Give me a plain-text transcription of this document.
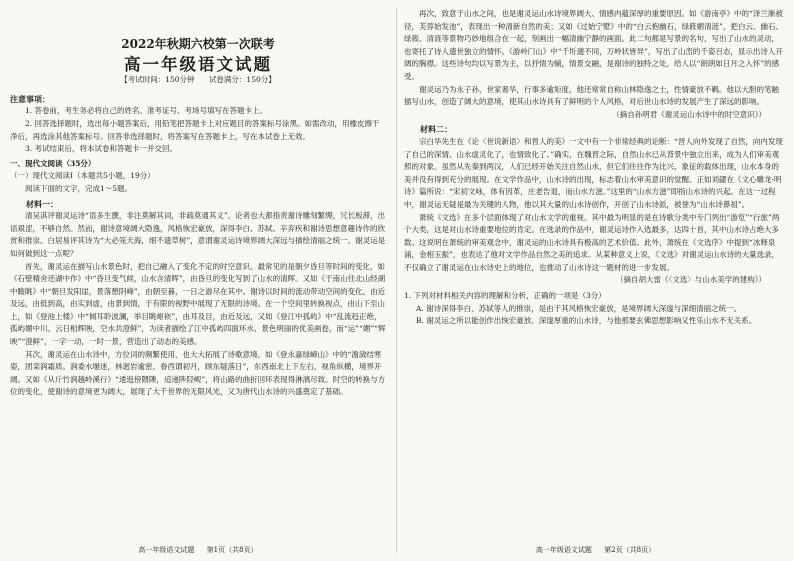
2022年秋期六校第一次联考
高一年级语文试题
【考试时间：150分钟 试卷满分：150分】
注意事项：

1. 答卷前，考生务必将自己的姓名、准考证号、考场号填写在答题卡上。

2. 回答选择题时，选出每小题答案后，用铅笔把答题卡上对应题目的答案标号涂黑。如需改动，用橡皮擦干净后，再选涂其他答案标号。回答非选择题时，将答案写在答题卡上，写在本试卷上无效。

3. 考试结束后，将本试卷和答题卡一并交回。

一、现代文阅读（35分）

（一）现代文阅读Ⅰ（本题共5小题，19分）

阅读下面的文字，完成1～5题。

材料一：

清吴淇评谢灵运诗“语多生撰，非注莫解其词，非疏莫通其义”。论者也大都指责谢诗雕刻繁缛，冗长板滞，出语艰涩，不够自然。然而，谢诗意境阔大隐逸，风格恢宏豪放，深得李白、苏轼、辛弃疾和谢诗思想意趣诗作的欣赏和推崇。白居易评其诗为“大必笼天海，细不遗草树”，意谓谢灵运诗境界阔大深远与描绘清丽之统一。谢灵运是如何做到这一点呢？

首先，谢灵运在描写山水景色时，把自己融入了变化不定的时空意识。最常见的是朝夕昏旦等时间的变化，如《石壁精舍还湖中作》中“昏旦变气候，山水含清晖”，由昏旦的变化写到了山水的清晖。又如《于南山往北山经湖中瞻眺》中“朝旦发阳崖，景落憩阴峰”，由朝至暮，一日之游尽在其中。谢诗以时间的流动带动空间的变化，由近及远，由低到高，由实到虚，由景到情，于有限的视野中展现了无限的诗境。在一个空间里转换视点，由山下至山上，如《登池上楼》中“倾耳聆波澜，举目眺岖嵚”，由耳及目，由近及远，又如《登江中孤屿》中“乱流趋正绝，孤屿媚中川。云日相辉映，空水共澄鲜”，为读者描绘了江中孤屿四面环水、景色明丽的优美画卷，而“运”“媚”“辉映”“澄鲜”，一字一动，一时一景，营造出了动态的美感。

其次，谢灵运在山水诗中，方位词的频繁使用，也大大拓展了诗歌意境。如《登永嘉绿嶂山》中的“澹潋结寒姿，团栾润霜质。涧委水屡迷，林迥岩逾密。眷西谓初月，顾东疑落日”，东西南北上下左右，视角纵横，境界开阔。又如《从斤竹涧越岭溪行》“逶迤傍隈隩，迢递陟陉岘”，将山路的曲折回环表现得淋漓尽致。时空的转换与方位的变化，使谢诗的意境更为阔大，展现了大千世界的无限风光，又为唐代山水诗的兴盛奠定了基础。

高一年级语文试题 第1页（共8页）

再次，致意于山水之间，也是谢灵运山水诗境界阔大、情感内蕴深厚的重要原因。如《游南亭》中的“泽兰渐被径，芙蓉始发池”，表现出一种清新自然的美；又如《过始宁墅》中的“白云抱幽石，绿筱媚清涟”，把白云、幽石、绿筱、清涟等景物巧妙地组合在一起，刻画出一幅清幽宁静的画面。此二句都是写景的名句，写出了山水的灵动，也寄托了诗人遗世独立的情怀。《游岭门山》中“千圻邈不同，万岭状皆异”，写出了山峦的千姿百态，显示出诗人开阔的胸襟。这些诗句均以写景为主，以抒情为辅，情景交融，是谢诗的独特之处，给人以“朗朗如日月之入怀”的感受。

谢灵运乃为永子孙，世家奢华，行事多逾矩度，他还常常自称山林隐逸之士，性情豪放不羁。他以大胆的笔触描写山水，创造了阔大的意境，使其山水诗具有了鲜明的个人风格，对后世山水诗的发展产生了深远的影响。

（摘自孙明君《谢灵运山水诗中的时空意识》）

材料二：

宗白华先生在《论〈世说新语〉和晋人的美》一文中有一个非常经典的论断：“晋人向外发现了自然，向内发现了自己的深情。山水虚灵化了，也情致化了。”确实，在魏晋之际，自然山水已从背景中独立出来，成为人们审美观照的对象。虽然从先秦到两汉，人们已经开始关注自然山水，但它们往往作为比兴、象征的载体出现，山水本身的美并没有得到充分的展现。在文学作品中，山水诗的出现，标志着山水审美意识的觉醒。正如刘勰在《文心雕龙·明诗》篇所说：“宋初文咏，体有因革，庄老告退，而山水方滋。”这里的“山水方滋”即指山水诗的兴起。在这一过程中，谢灵运无疑是最为关键的人物，他以其大量的山水诗创作，开创了山水诗派，被誉为“山水诗鼻祖”。

萧统《文选》在多个层面体现了对山水文学的重视。其中最为明显的是在诗歌分类中专门列出“游览”“行旅”两个大类，这是对山水诗重要地位的肯定。在选录的作品中，谢灵运诗作入选最多，达四十首，其中山水诗占绝大多数。这说明在萧统的审美观念中，谢灵运的山水诗具有极高的艺术价值。此外，萧统在《文选序》中提到“冰释泉涌，金相玉振”，也表达了他对文学作品自然之美的追求。从某种意义上说，《文选》对谢灵运山水诗的大量选录，不仅确立了谢灵运在山水诗史上的地位，也推动了山水诗这一题材的进一步发展。

（摘自胡大雷《〈文选〉与山水美学的建构》）

1. 下列对材料相关内容的理解和分析，正确的一项是（3分）

A. 谢诗深得李白、苏轼等人的推崇，是由于其风格恢宏豪放，是境界阔大深邃与深细清丽之统一。

B. 谢灵运之所以能创作出恢宏豪放、深邃厚重的山水诗，与他那要玄佛思想影响又性乐山水不无关系。

高一年级语文试题 第2页（共8页）
